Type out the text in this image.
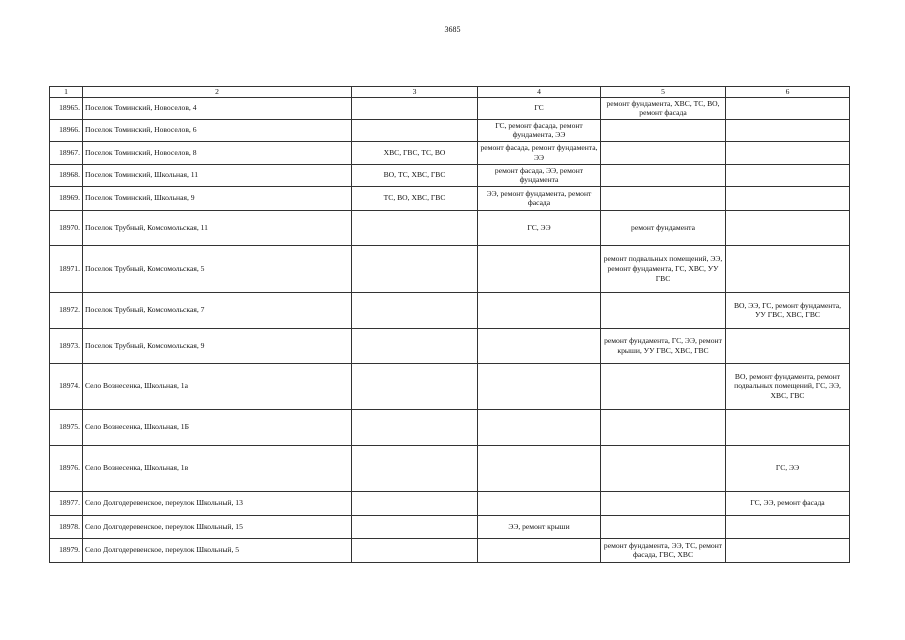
3685
1	2	3	4	5	6
18965.	Поселок Томинский, Новоселов, 4		ГС	ремонт фундамента, ХВС, ТС, ВО, ремонт фасада	
18966.	Поселок Томинский, Новоселов, 6		ГС, ремонт фасада, ремонт фундамента, ЭЭ		
18967.	Поселок Томинский, Новоселов, 8	ХВС, ГВС, ТС, ВО	ремонт фасада, ремонт фундамента, ЭЭ		
18968.	Поселок Томинский, Школьная, 11	ВО, ТС, ХВС, ГВС	ремонт фасада, ЭЭ, ремонт фундамента		
18969.	Поселок Томинский, Школьная, 9	ТС, ВО, ХВС, ГВС	ЭЭ, ремонт фундамента, ремонт фасада		
18970.	Поселок Трубный, Комсомольская, 11		ГС, ЭЭ	ремонт фундамента	
18971.	Поселок Трубный, Комсомольская, 5			ремонт подвальных помещений, ЭЭ, ремонт фундамента, ГС, ХВС, УУ ГВС	
18972.	Поселок Трубный, Комсомольская, 7				ВО, ЭЭ, ГС, ремонт фундамента, УУ ГВС, ХВС, ГВС
18973.	Поселок Трубный, Комсомольская, 9			ремонт фундамента, ГС, ЭЭ, ремонт крыши, УУ ГВС, ХВС, ГВС	
18974.	Село Вознесенка, Школьная, 1а				ВО, ремонт фундамента, ремонт подвальных помещений, ГС, ЭЭ, ХВС, ГВС
18975.	Село Вознесенка, Школьная, 1Б				
18976.	Село Вознесенка, Школьная, 1в				ГС, ЭЭ
18977.	Село Долгодеревенское, переулок Школьный, 13				ГС, ЭЭ, ремонт фасада
18978.	Село Долгодеревенское, переулок Школьный, 15		ЭЭ, ремонт крыши		
18979.	Село Долгодеревенское, переулок Школьный, 5			ремонт фундамента, ЭЭ, ТС, ремонт фасада, ГВС, ХВС	
